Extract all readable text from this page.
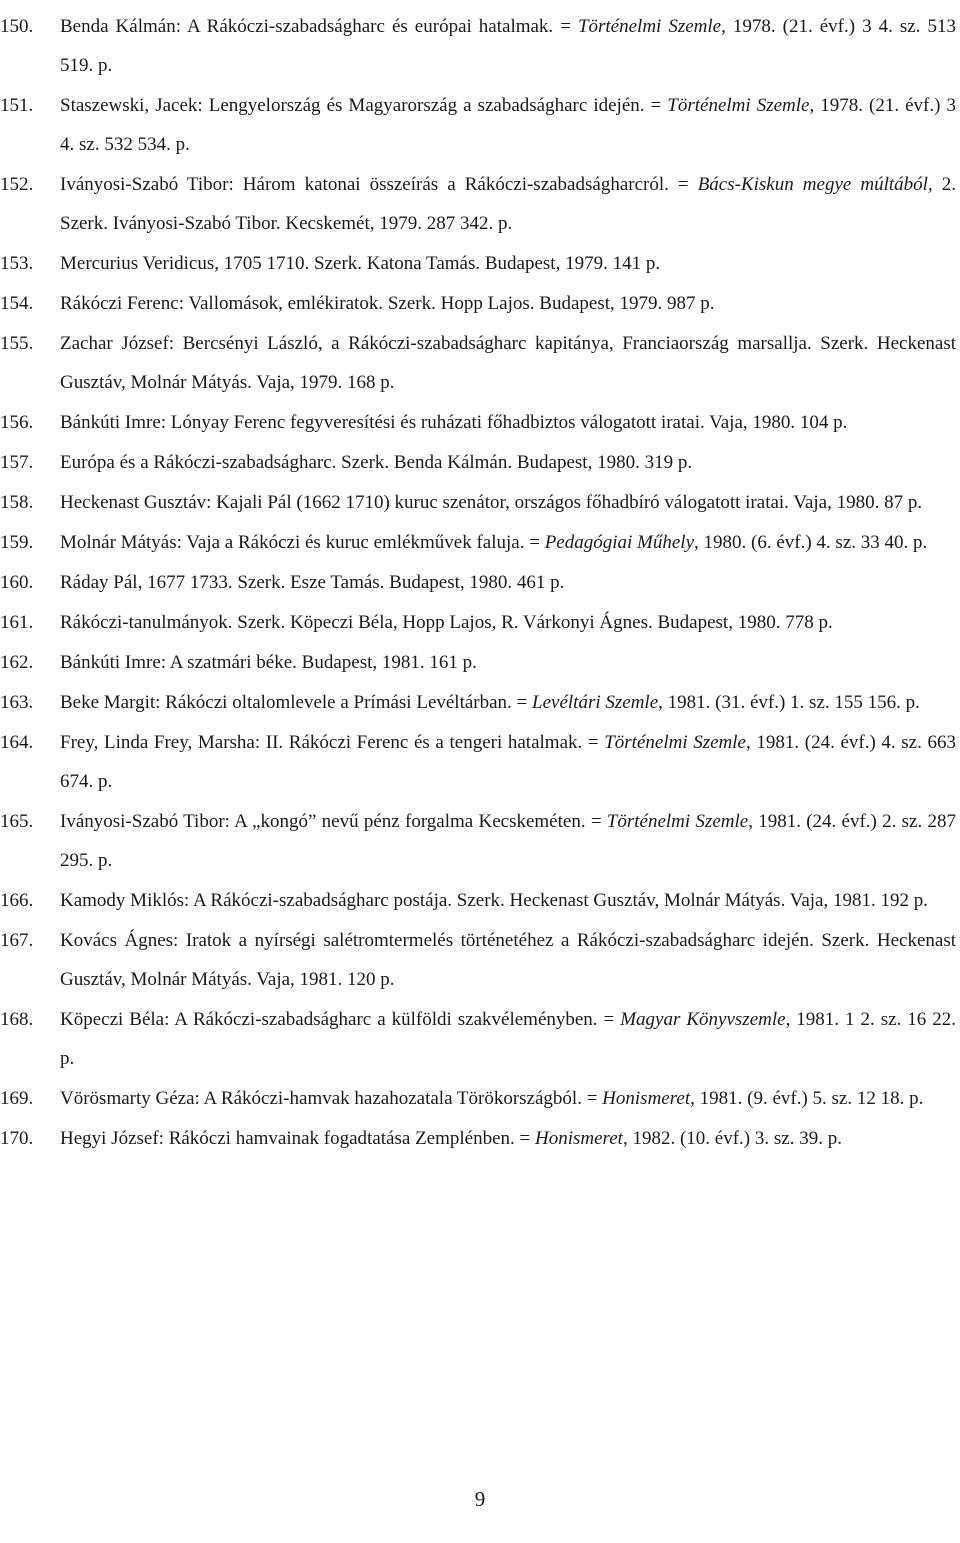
150.	Benda Kálmán: A Rákóczi-szabadságharc és európai hatalmak. = Történelmi Szemle, 1978. (21. évf.) 3 4. sz. 513 519. p.
151.	Staszewski, Jacek: Lengyelország és Magyarország a szabadságharc idején. = Történelmi Szemle, 1978. (21. évf.) 3 4. sz. 532 534. p.
152.	Iványosi-Szabó Tibor: Három katonai összeírás a Rákóczi-szabadságharcról. = Bács-Kiskun megye múltából, 2. Szerk. Iványosi-Szabó Tibor. Kecskemét, 1979. 287 342. p.
153.	Mercurius Veridicus, 1705 1710. Szerk. Katona Tamás. Budapest, 1979. 141 p.
154.	Rákóczi Ferenc: Vallomások, emlékiratok. Szerk. Hopp Lajos. Budapest, 1979. 987 p.
155.	Zachar József: Bercsényi László, a Rákóczi-szabadságharc kapitánya, Franciaország marsallja. Szerk. Heckenast Gusztáv, Molnár Mátyás. Vaja, 1979. 168 p.
156.	Bánkúti Imre: Lónyay Ferenc fegyveresítési és ruházati főhadbiztos válogatott iratai. Vaja, 1980. 104 p.
157.	Európa és a Rákóczi-szabadságharc. Szerk. Benda Kálmán. Budapest, 1980. 319 p.
158.	Heckenast Gusztáv: Kajali Pál (1662 1710) kuruc szenátor, országos főhadbíró válogatott iratai. Vaja, 1980. 87 p.
159.	Molnár Mátyás: Vaja a Rákóczi és kuruc emlékművek faluja. = Pedagógiai Műhely, 1980. (6. évf.) 4. sz. 33 40. p.
160.	Ráday Pál, 1677 1733. Szerk. Esze Tamás. Budapest, 1980. 461 p.
161.	Rákóczi-tanulmányok. Szerk. Köpeczi Béla, Hopp Lajos, R. Várkonyi Ágnes. Budapest, 1980. 778 p.
162.	Bánkúti Imre: A szatmári béke. Budapest, 1981. 161 p.
163.	Beke Margit: Rákóczi oltalomlevele a Prímási Levéltárban. = Levéltári Szemle, 1981. (31. évf.) 1. sz. 155 156. p.
164.	Frey, Linda Frey, Marsha: II. Rákóczi Ferenc és a tengeri hatalmak. = Történelmi Szemle, 1981. (24. évf.) 4. sz. 663 674. p.
165.	Iványosi-Szabó Tibor: A „kongó” nevű pénz forgalma Kecskeméten. = Történelmi Szemle, 1981. (24. évf.) 2. sz. 287 295. p.
166.	Kamody Miklós: A Rákóczi-szabadságharc postája. Szerk. Heckenast Gusztáv, Molnár Mátyás. Vaja, 1981. 192 p.
167.	Kovács Ágnes: Iratok a nyírségi salétromtermelés történetéhez a Rákóczi-szabadságharc idején. Szerk. Heckenast Gusztáv, Molnár Mátyás. Vaja, 1981. 120 p.
168.	Köpeczi Béla: A Rákóczi-szabadságharc a külföldi szakvéleményben. = Magyar Könyvszemle, 1981. 1 2. sz. 16 22. p.
169.	Vörösmarty Géza: A Rákóczi-hamvak hazahozatala Törökországból. = Honismeret, 1981. (9. évf.) 5. sz. 12 18. p.
170.	Hegyi József: Rákóczi hamvainak fogadtatása Zemplénben. = Honismeret, 1982. (10. évf.) 3. sz. 39. p.
9
